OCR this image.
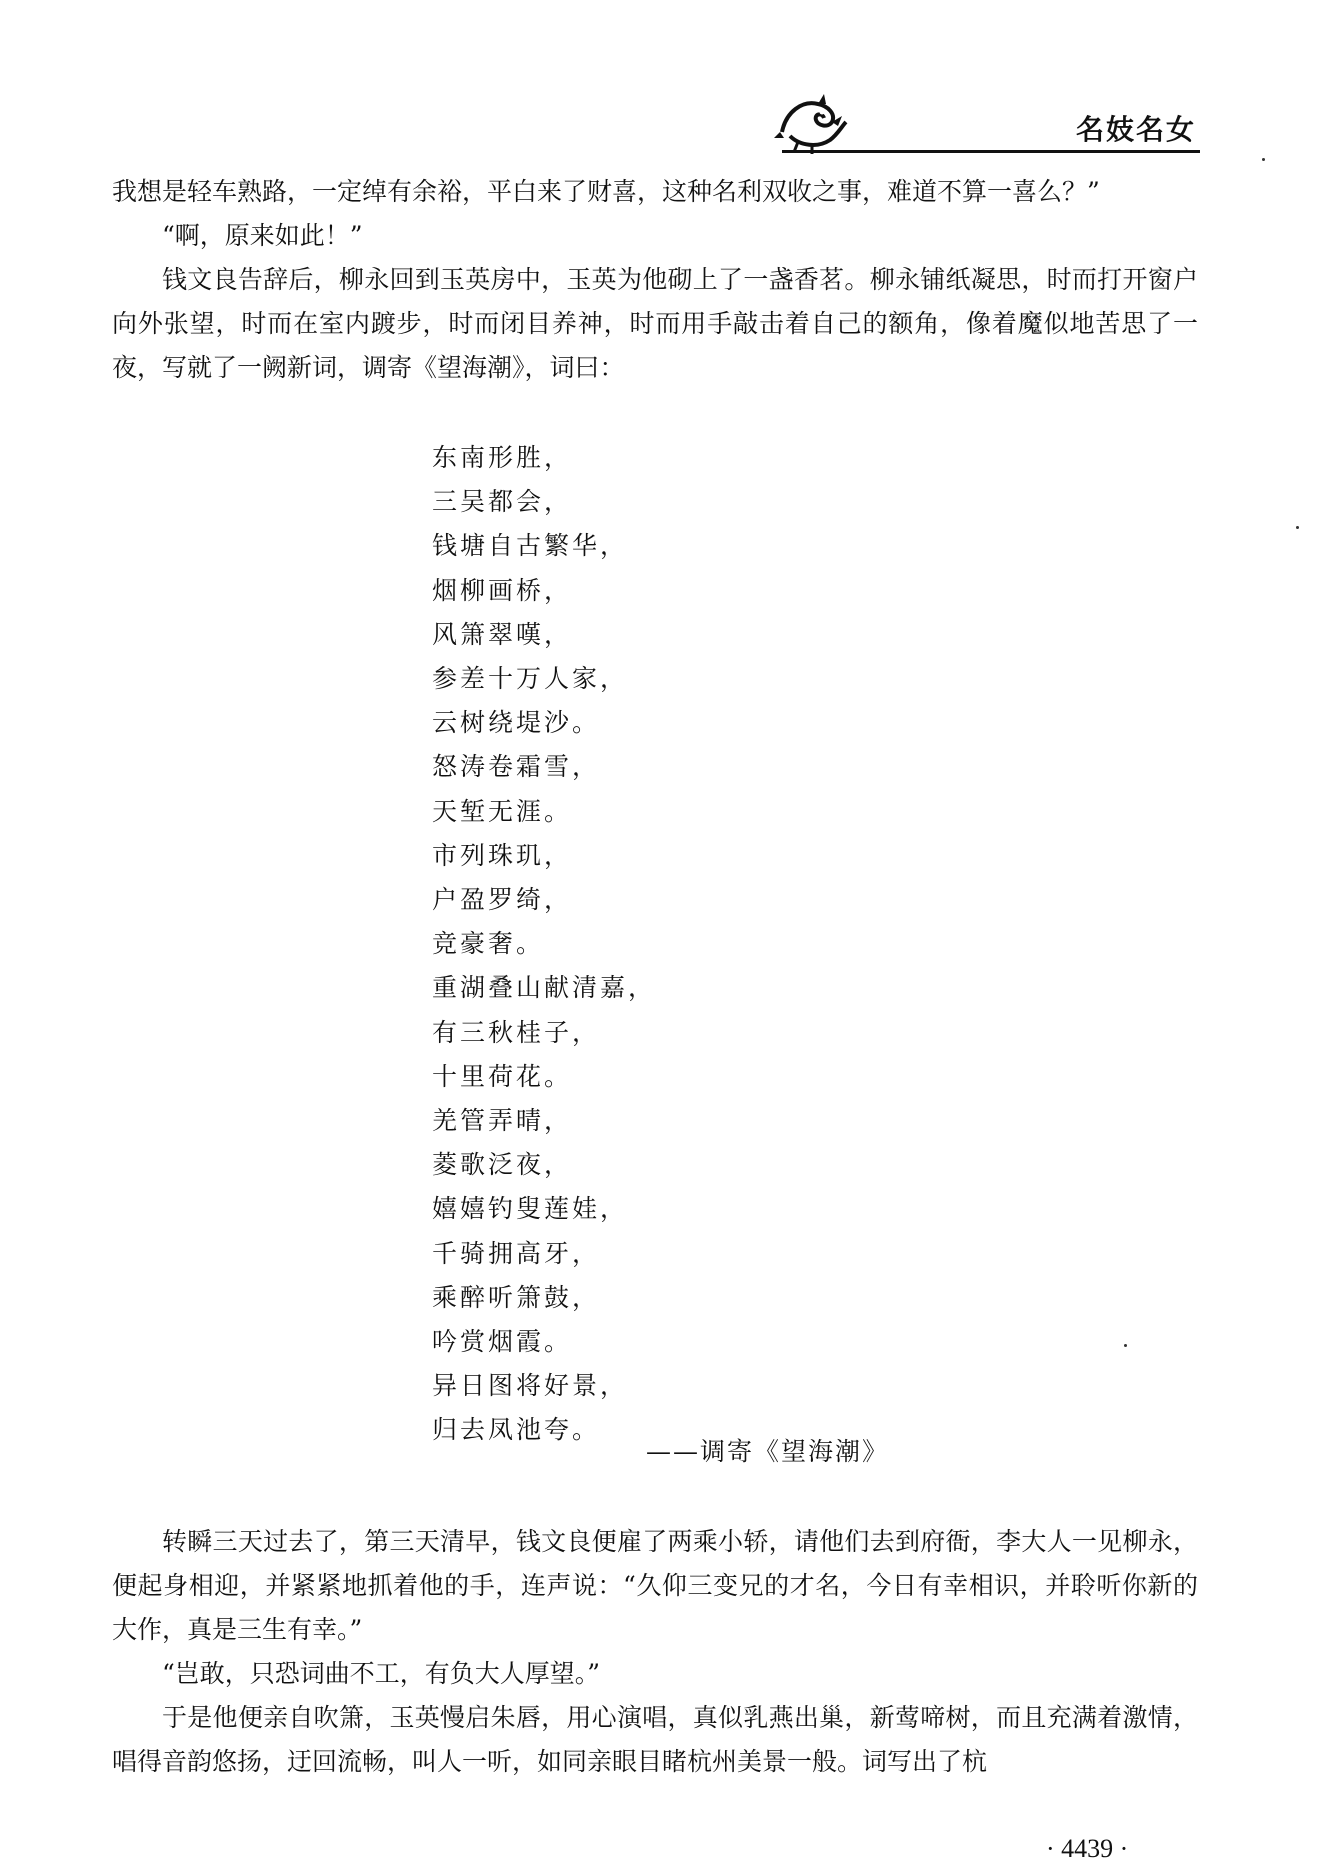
名妓名女

我想是轻车熟路，一定绰有余裕，平白来了财喜，这种名利双收之事，难道不算一喜么？”

“啊，原来如此！”

钱文良告辞后，柳永回到玉英房中，玉英为他砌上了一盏香茗。柳永铺纸凝思，时而打开窗户向外张望，时而在室内踱步，时而闭目养神，时而用手敲击着自己的额角，像着魔似地苦思了一夜，写就了一阙新词，调寄《望海潮》，词曰：

东南形胜，
三吴都会，
钱塘自古繁华，
烟柳画桥，
风箫翠嘆，
参差十万人家，
云树绕堤沙。
怒涛卷霜雪，
天堑无涯。
市列珠玑，
户盈罗绮，
竞豪奢。
重湖叠山献清嘉，
有三秋桂子，
十里荷花。
羌管弄晴，
菱歌泛夜，
嬉嬉钓叟莲娃，
千骑拥高牙，
乘醉听箫鼓，
吟赏烟霞。
异日图将好景，
归去凤池夸。
——调寄《望海潮》

转瞬三天过去了，第三天清早，钱文良便雇了两乘小轿，请他们去到府衙，李大人一见柳永，便起身相迎，并紧紧地抓着他的手，连声说：“久仰三变兄的才名，今日有幸相识，并聆听你新的大作，真是三生有幸。”

“岂敢，只恐词曲不工，有负大人厚望。”

于是他便亲自吹箫，玉英慢启朱唇，用心演唱，真似乳燕出巢，新莺啼树，而且充满着激情，唱得音韵悠扬，迂回流畅，叫人一听，如同亲眼目睹杭州美景一般。词写出了杭

· 4439 ·
